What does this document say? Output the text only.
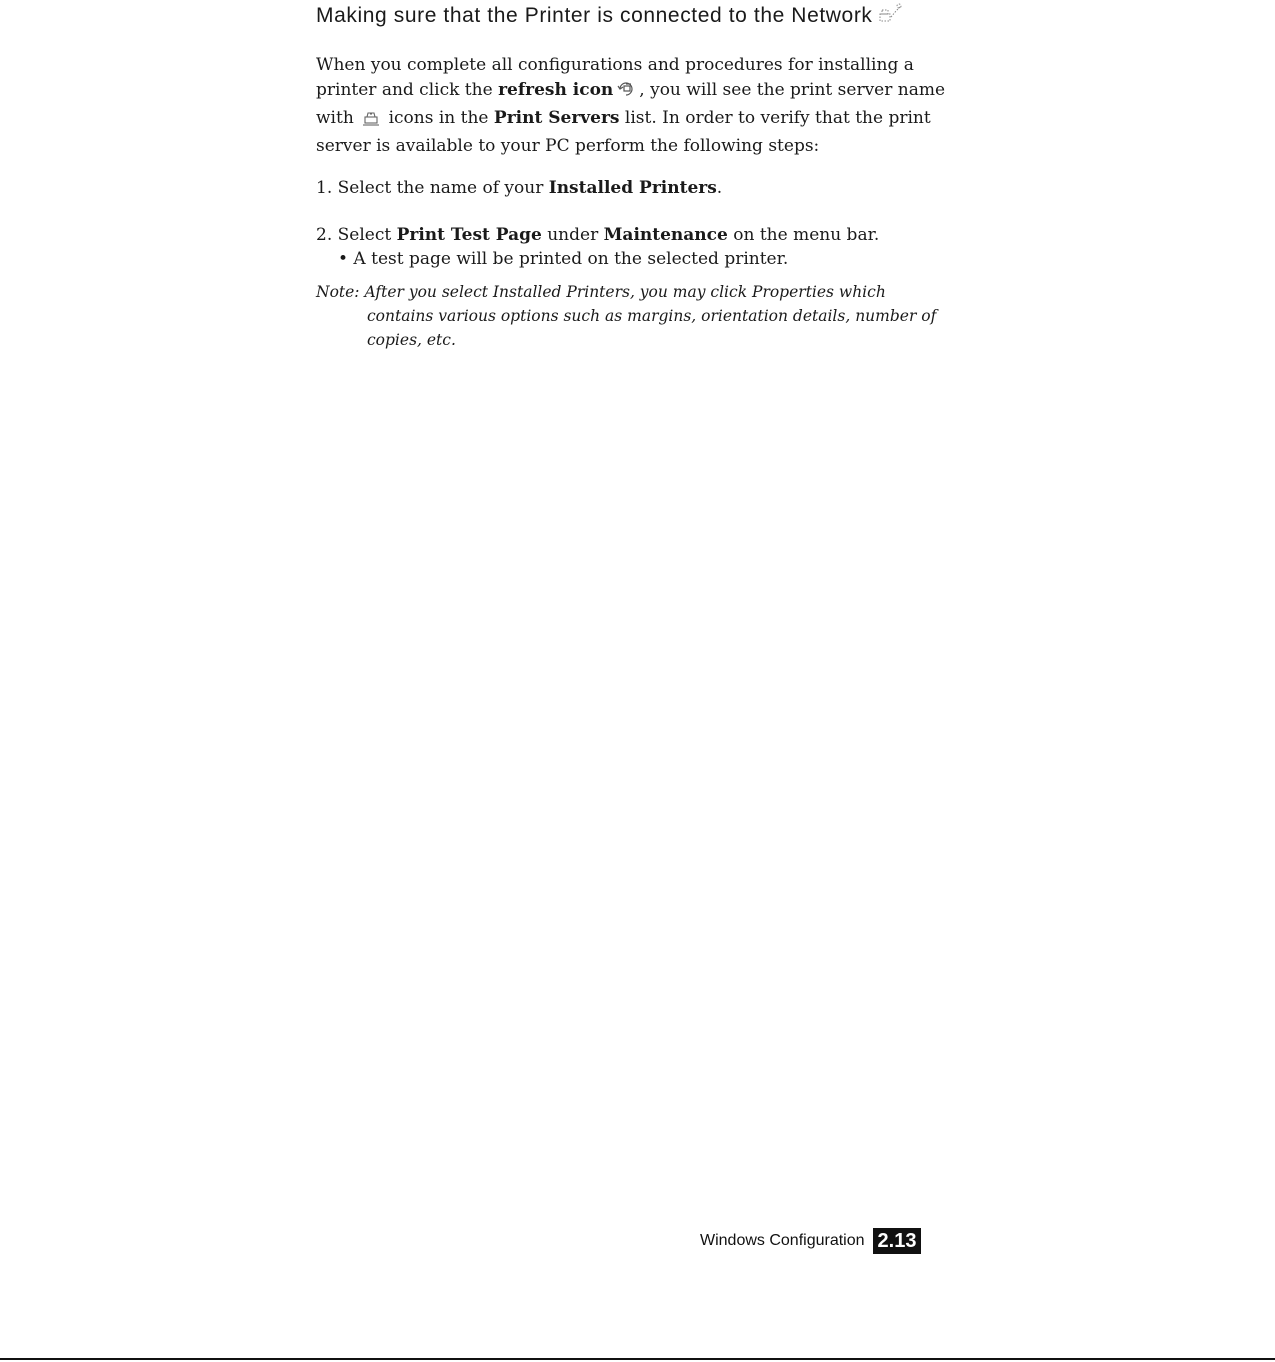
Making sure that the Printer is connected to the Network

When you complete all configurations and procedures for installing a printer and click the refresh icon , you will see the print server name with  icons in the Print Servers list. In order to verify that the print server is available to your PC perform the following steps:

1. Select the name of your Installed Printers.

2. Select Print Test Page under Maintenance on the menu bar.

• A test page will be printed on the selected printer.

Note: After you select Installed Printers, you may click Properties which
contains various options such as margins, orientation details, number of copies, etc.

Windows Configuration 2.13
